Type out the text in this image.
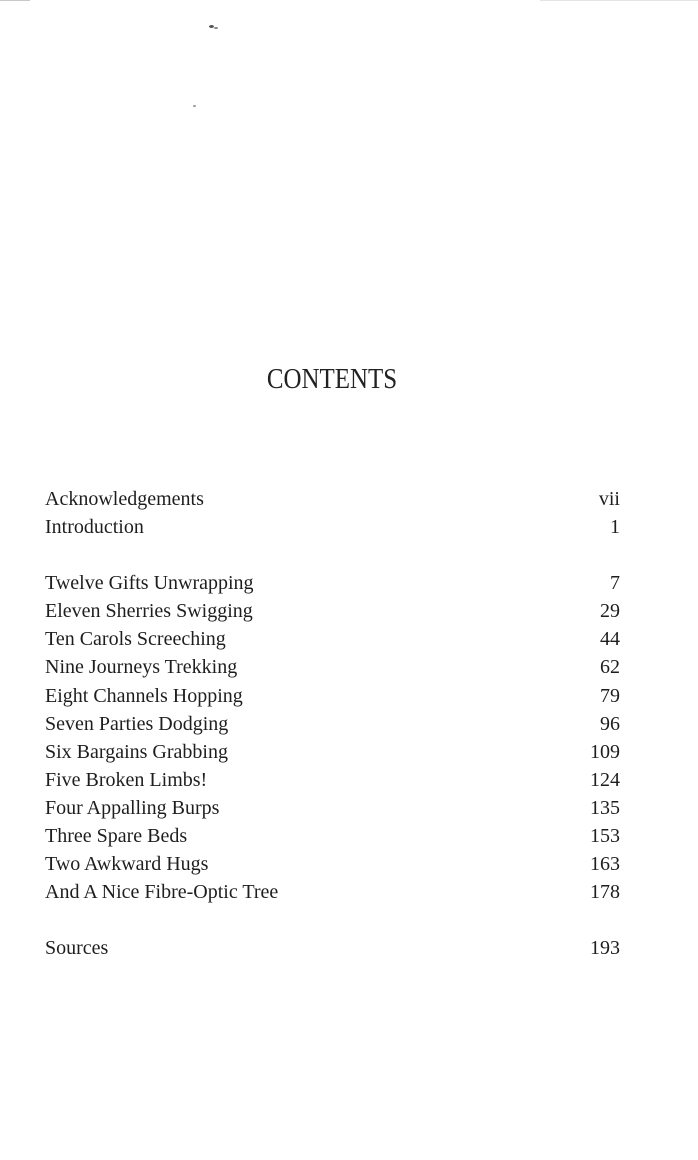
CONTENTS
Acknowledgements	vii
Introduction	1
Twelve Gifts Unwrapping	7
Eleven Sherries Swigging	29
Ten Carols Screeching	44
Nine Journeys Trekking	62
Eight Channels Hopping	79
Seven Parties Dodging	96
Six Bargains Grabbing	109
Five Broken Limbs!	124
Four Appalling Burps	135
Three Spare Beds	153
Two Awkward Hugs	163
And A Nice Fibre-Optic Tree	178
Sources	193
